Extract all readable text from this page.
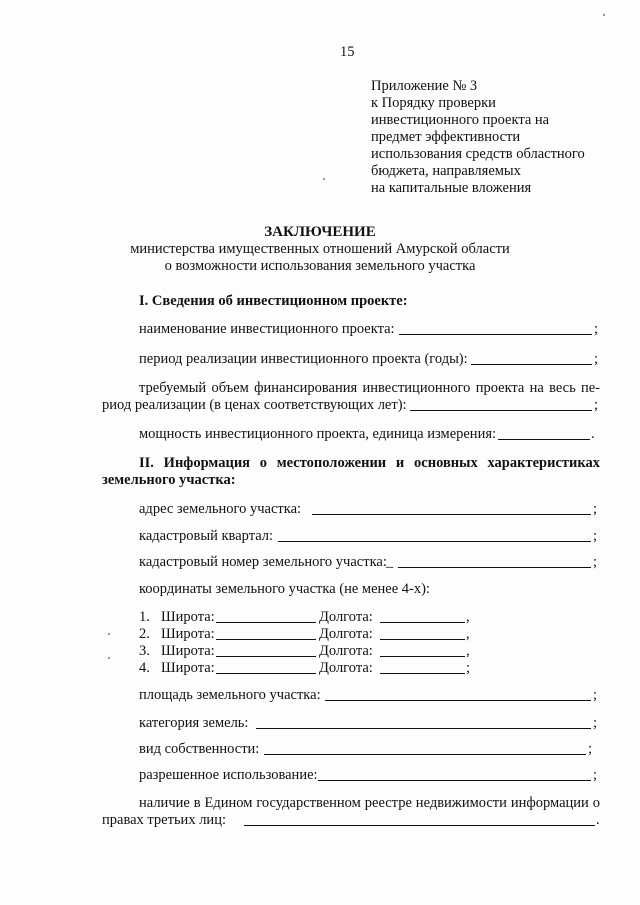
15
Приложение № 3
к Порядку проверки
инвестиционного проекта на
предмет эффективности
использования средств областного
бюджета, направляемых
на капитальные вложения
ЗАКЛЮЧЕНИЕ
министерства имущественных отношений Амурской области
о возможности использования земельного участка
I. Сведения об инвестиционном проекте:
наименование инвестиционного проекта:	;
период реализации инвестиционного проекта (годы):	;
требуемый объем финансирования инвестиционного проекта на весь пе-
риод реализации (в ценах соответствующих лет):	;
мощность инвестиционного проекта, единица измерения:	.
II. Информация о местоположении и основных характеристиках
земельного участка:
адрес земельного участка:	;
кадастровый квартал:	;
кадастровый номер земельного участка: _	;
координаты земельного участка (не менее 4-х):
1. Широта:	Долгота:	,
2. Широта:	Долгота:	,
3. Широта:	Долгота:	,
4. Широта:	Долгота:	;
площадь земельного участка:	;
категория земель:	;
вид собственности:	;
разрешенное использование:	;
наличие в Едином государственном реестре недвижимости информации о
правах третьих лиц:	.
